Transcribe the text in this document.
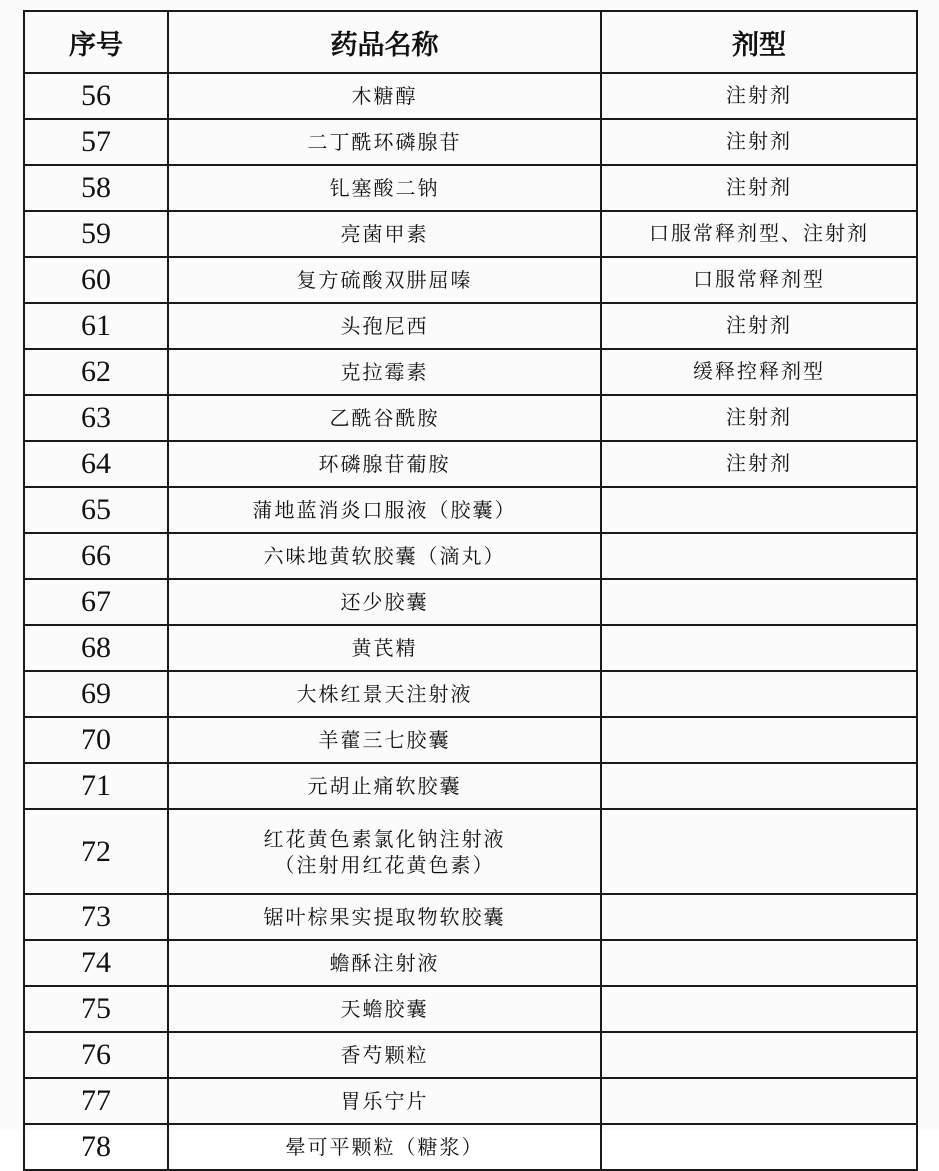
序号	药品名称	剂型
56	木糖醇	注射剂
57	二丁酰环磷腺苷	注射剂
58	钆塞酸二钠	注射剂
59	亮菌甲素	口服常释剂型、注射剂
60	复方硫酸双肼屈嗪	口服常释剂型
61	头孢尼西	注射剂
62	克拉霉素	缓释控释剂型
63	乙酰谷酰胺	注射剂
64	环磷腺苷葡胺	注射剂
65	蒲地蓝消炎口服液（胶囊）	

66	六味地黄软胶囊（滴丸）	

67	还少胶囊	

68	黄芪精	

69	大株红景天注射液	

70	羊藿三七胶囊	

71	元胡止痛软胶囊	

72	红花黄色素氯化钠注射液
（注射用红花黄色素）	

73	锯叶棕果实提取物软胶囊	

74	蟾酥注射液	

75	天蟾胶囊	

76	香芍颗粒	

77	胃乐宁片	

78	晕可平颗粒（糖浆）	
